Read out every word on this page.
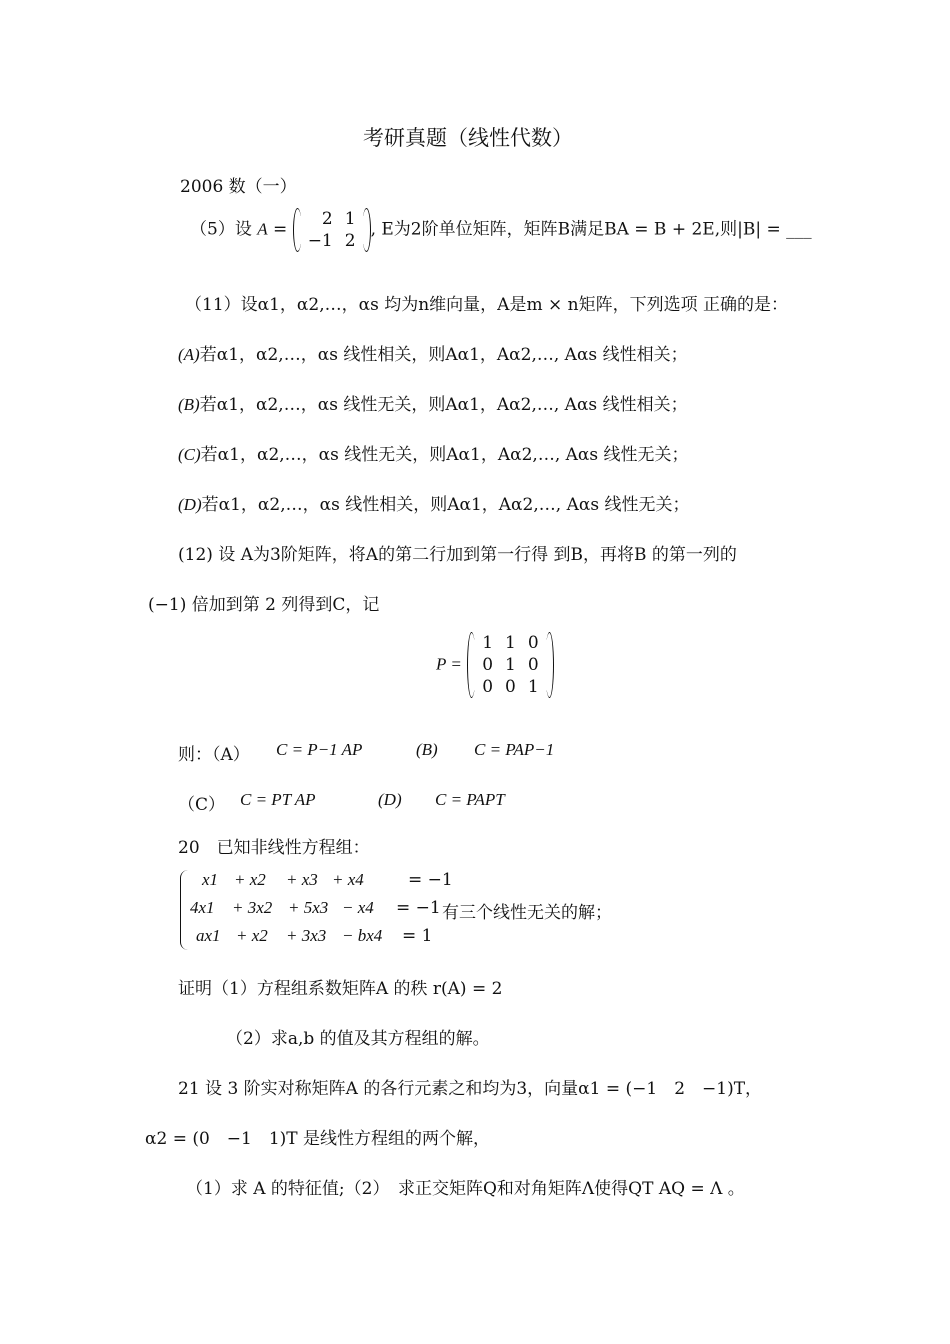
考研真题（线性代数）
2006 数（一）
（5）设 A =
2	1
−1	2
, E为2阶单位矩阵，矩阵B满足BA = B + 2E,则|B| = ___
（11）设α1，α2,…，αs 均为n维向量，A是m × n矩阵，下列选项 正确的是：
(A)若α1，α2,…，αs 线性相关，则Aα1，Aα2,…, Aαs 线性相关；
(B)若α1，α2,…，αs 线性无关，则Aα1，Aα2,…, Aαs 线性相关；
(C)若α1，α2,…，αs 线性无关，则Aα1，Aα2,…, Aαs 线性无关；
(D)若α1，α2,…，αs 线性相关，则Aα1，Aα2,…, Aαs 线性无关；
(12) 设 A为3阶矩阵，将A的第二行加到第一行得 到B，再将B 的第一列的
(−1) 倍加到第 2 列得到C，记
P =
1	1	0
0	1	0
0	0	1
则：（A） C = P−1 AP	(B) C = PAP−1
（C） C = PT AP	(D) C = PAPT
20　已知非线性方程组：
x1 + x2 + x3 + x4	= −1
4x1 + 3x2 + 5x3 − x4 = −1 有三个线性无关的解；
ax1 + x2 + 3x3 − bx4 = 1
证明（1）方程组系数矩阵A 的秩 r(A) = 2
（2）求a,b 的值及其方程组的解。
21 设 3 阶实对称矩阵A 的各行元素之和均为3，向量α1 = (−1　2　−1)T，
α2 = (0　−1　1)T 是线性方程组的两个解，
（1）求 A 的特征值;（2）　求正交矩阵Q和对角矩阵Λ使得QT AQ = Λ 。
